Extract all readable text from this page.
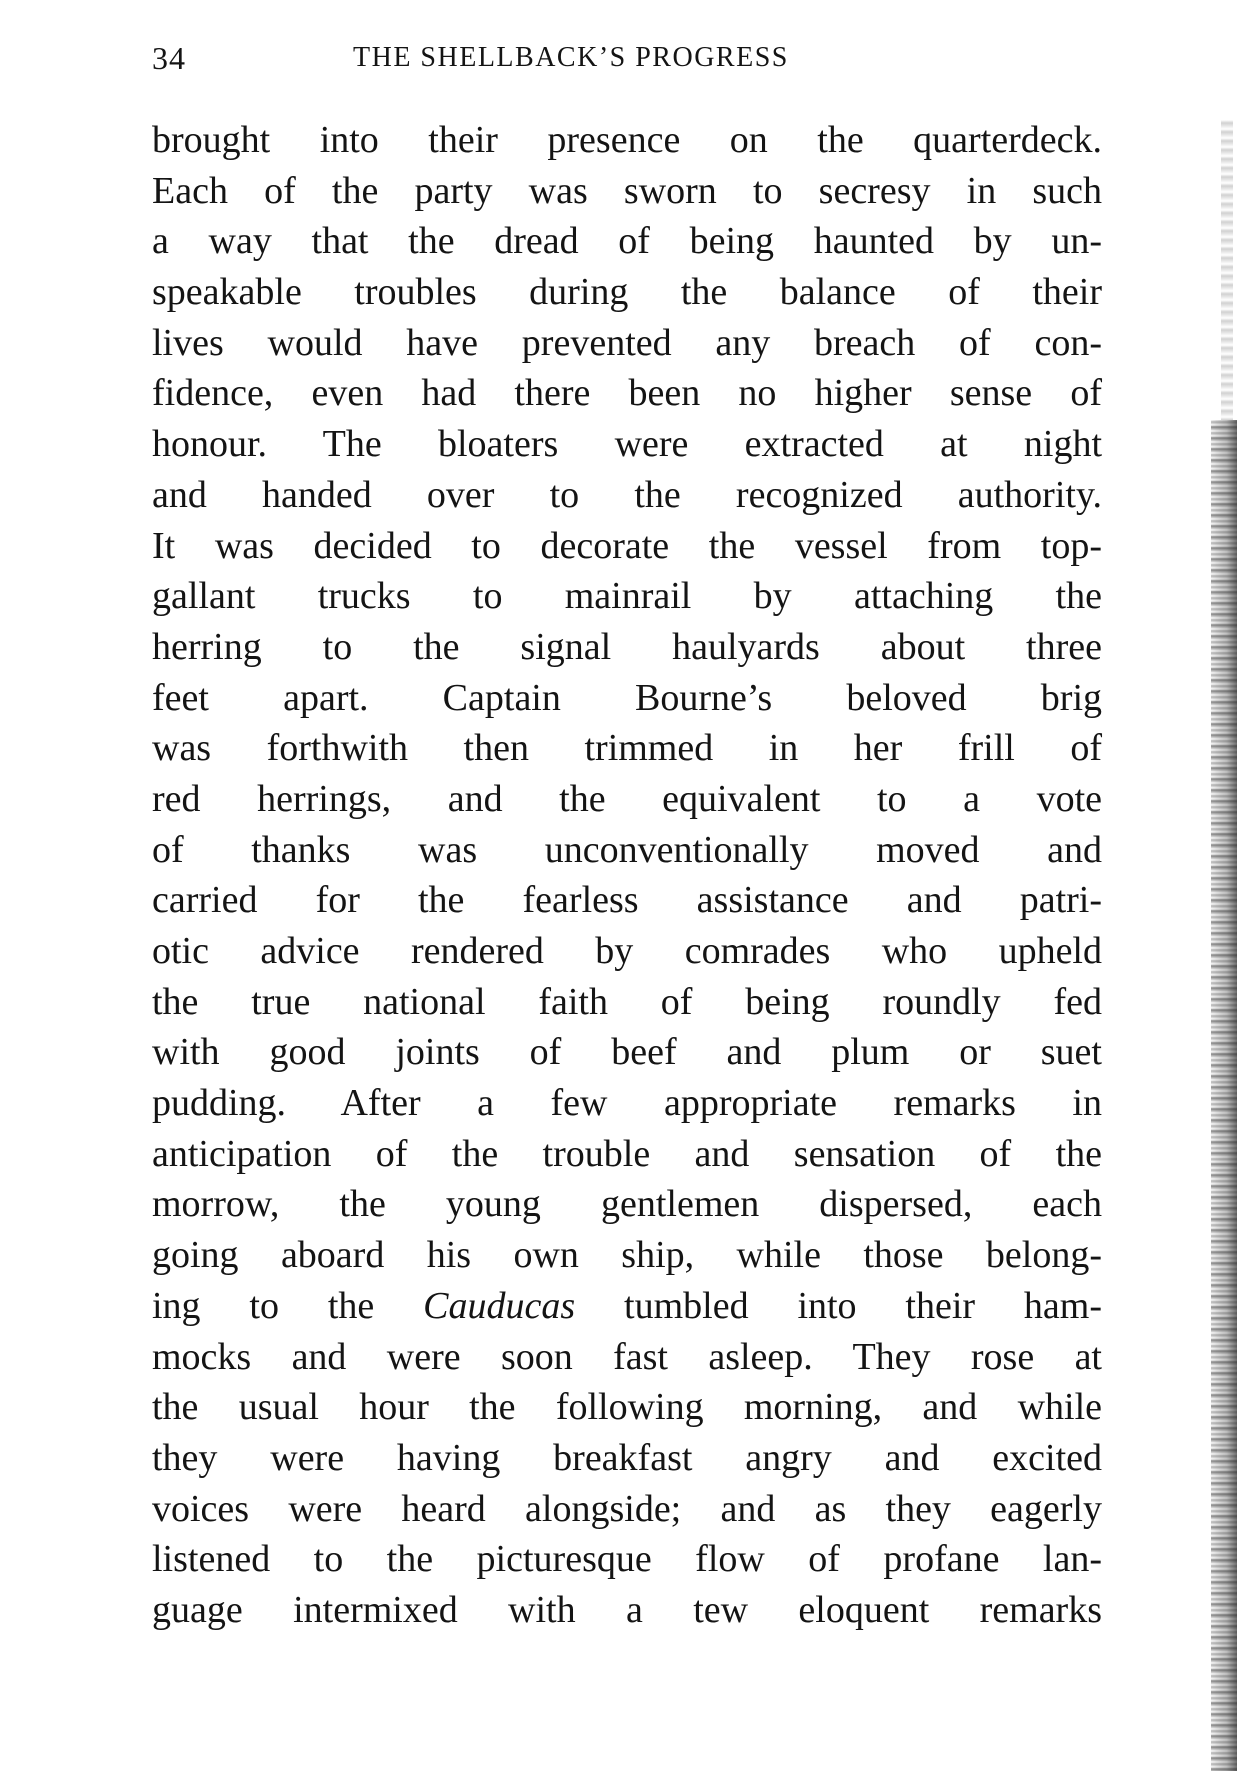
34	THE SHELLBACK’S PROGRESS
brought into their presence on the quarterdeck.
Each of the party was sworn to secresy in such
a way that the dread of being haunted by un-
speakable troubles during the balance of their
lives would have prevented any breach of con-
fidence, even had there been no higher sense of
honour. The bloaters were extracted at night
and handed over to the recognized authority.
It was decided to decorate the vessel from top-
gallant trucks to mainrail by attaching the
herring to the signal haulyards about three
feet apart. Captain Bourne’s beloved brig
was forthwith then trimmed in her frill of
red herrings, and the equivalent to a vote
of thanks was unconventionally moved and
carried for the fearless assistance and patri-
otic advice rendered by comrades who upheld
the true national faith of being roundly fed
with good joints of beef and plum or suet
pudding. After a few appropriate remarks in
anticipation of the trouble and sensation of the
morrow, the young gentlemen dispersed, each
going aboard his own ship, while those belong-
ing to the Cauducas tumbled into their ham-
mocks and were soon fast asleep. They rose at
the usual hour the following morning, and while
they were having breakfast angry and excited
voices were heard alongside; and as they eagerly
listened to the picturesque flow of profane lan-
guage intermixed with a tew eloquent remarks
